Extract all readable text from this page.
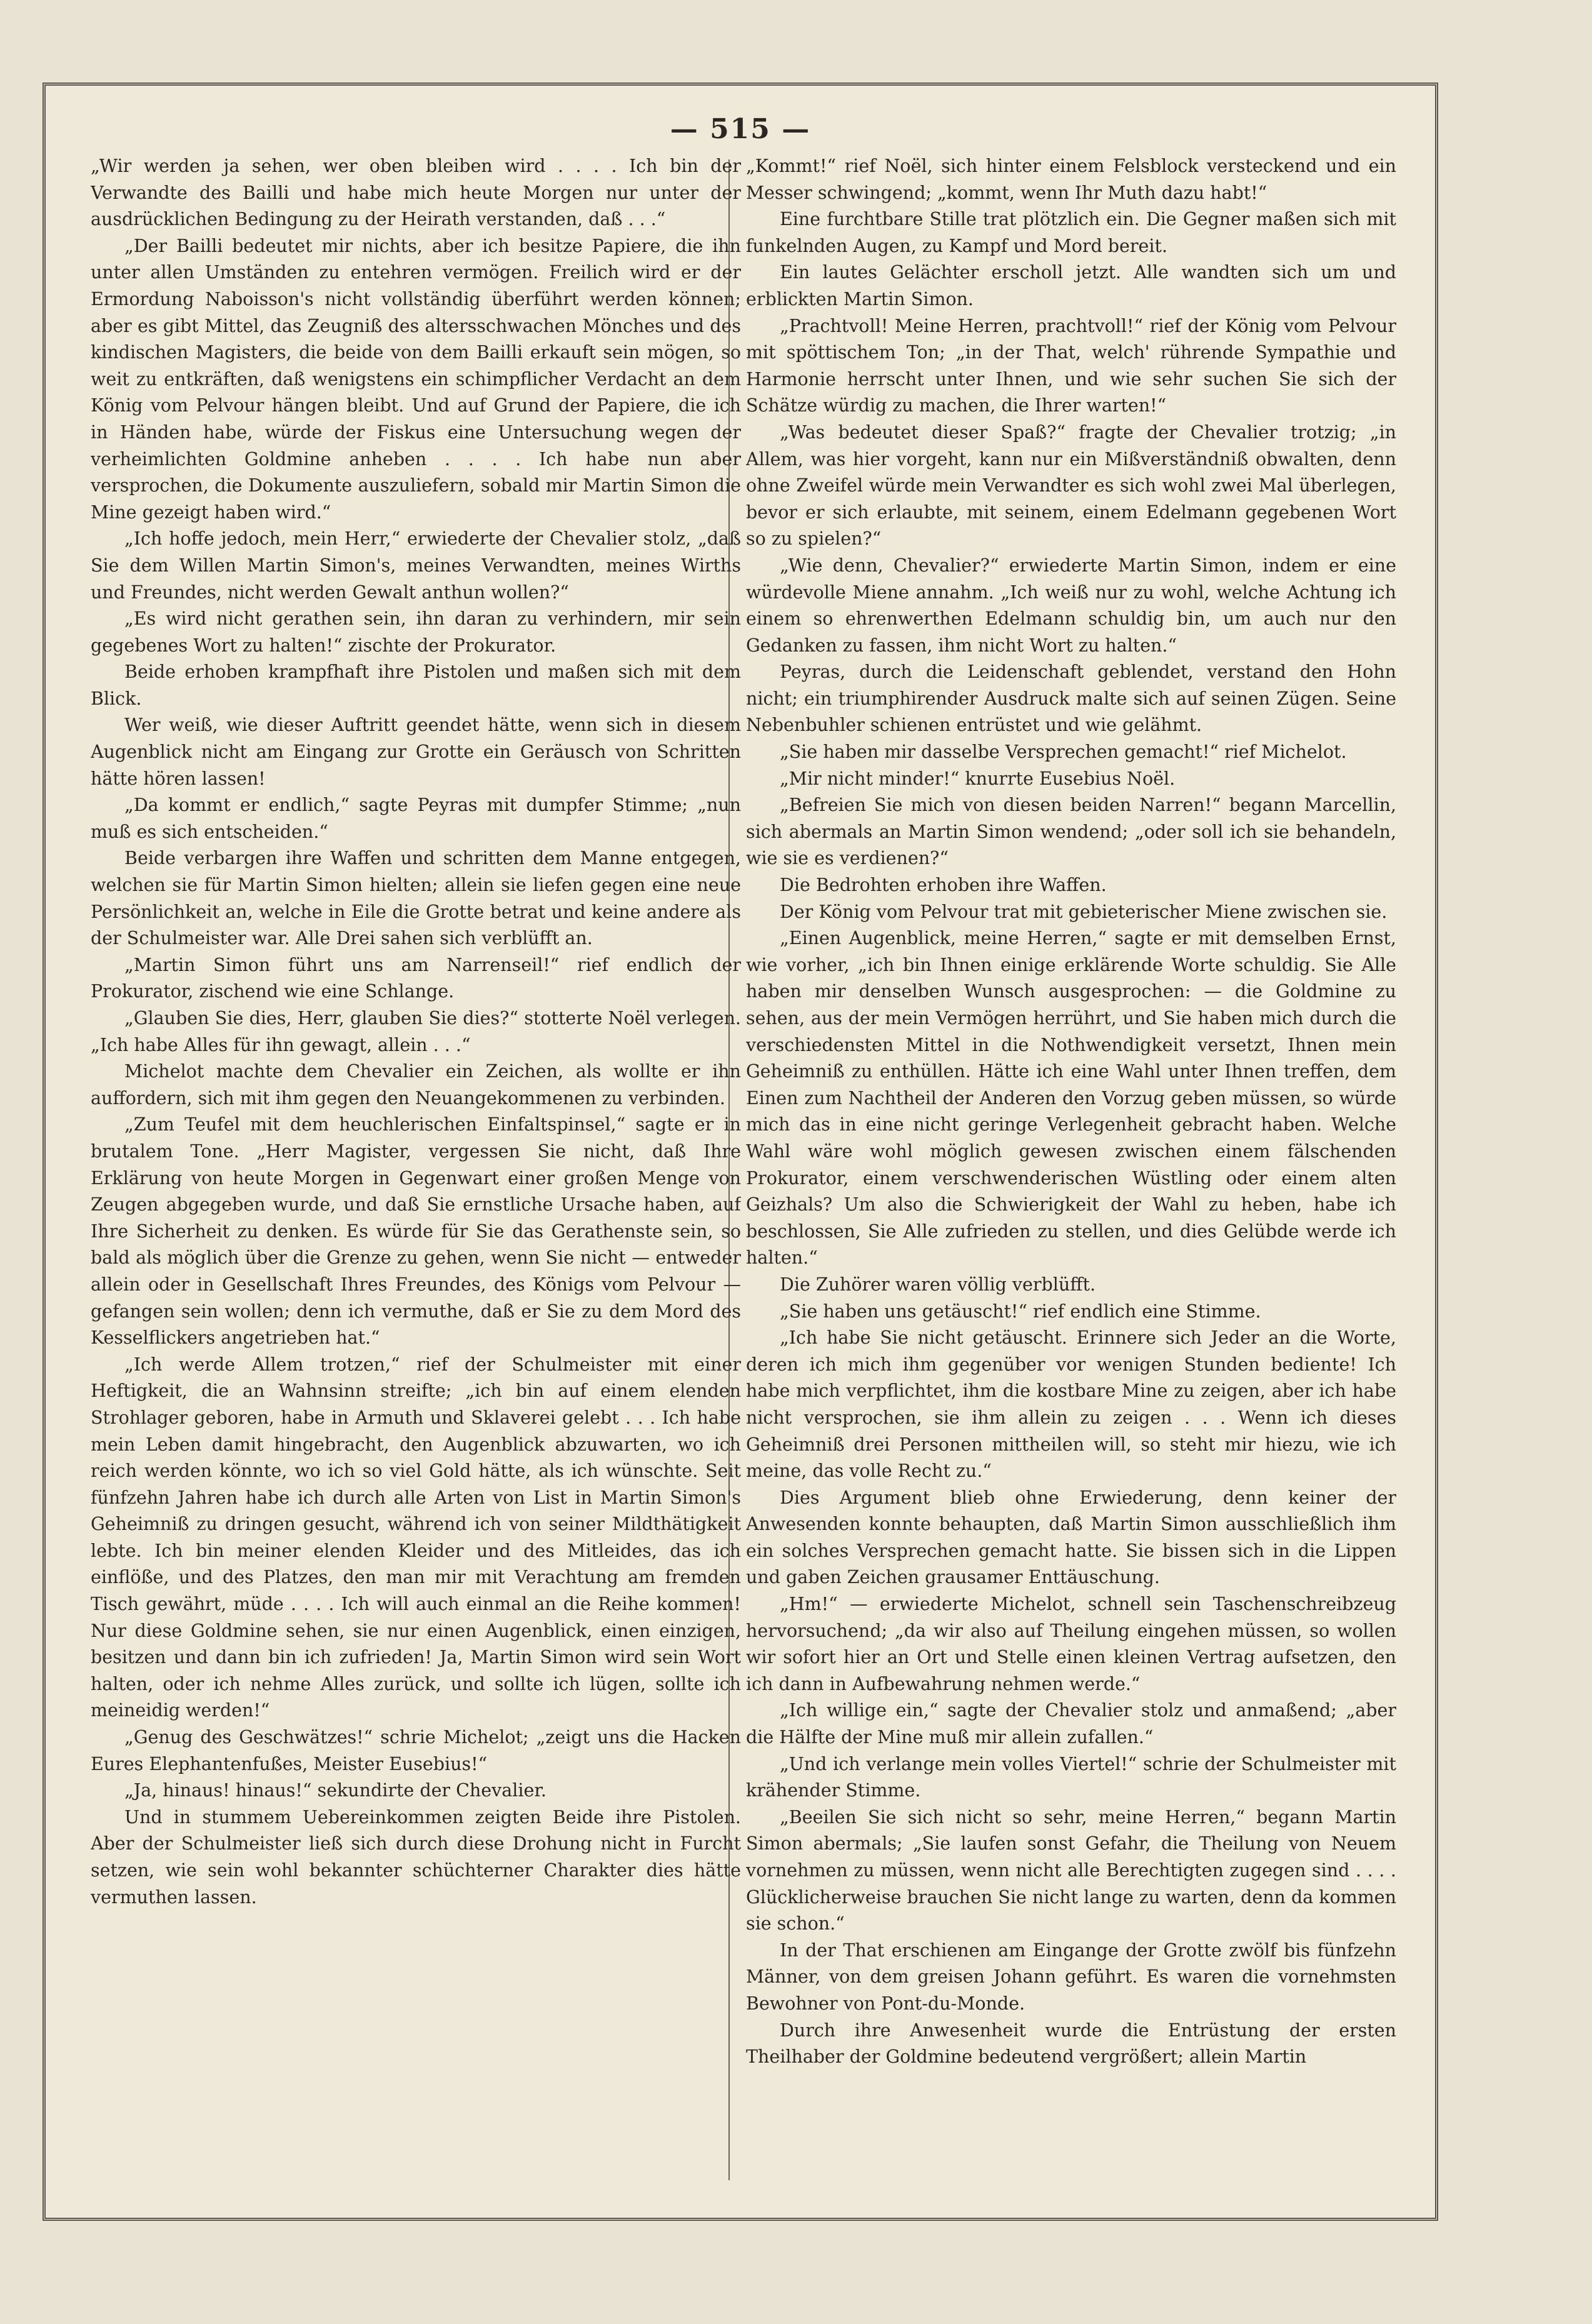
— 515 —

„Wir werden ja sehen, wer oben bleiben wird . . . . Ich bin der Verwandte des Bailli und habe mich heute Morgen nur unter der ausdrücklichen Bedingung zu der Heirath verstanden, daß . . .“

„Der Bailli bedeutet mir nichts, aber ich besitze Papiere, die ihn unter allen Umständen zu entehren vermögen. Freilich wird er der Ermordung Naboisson's nicht vollständig überführt werden können; aber es gibt Mittel, das Zeugniß des altersschwachen Mönches und des kindischen Magisters, die beide von dem Bailli erkauft sein mögen, so weit zu entkräften, daß wenigstens ein schimpflicher Verdacht an dem König vom Pelvour hängen bleibt. Und auf Grund der Papiere, die ich in Händen habe, würde der Fiskus eine Untersuchung wegen der verheimlichten Goldmine anheben . . . . Ich habe nun aber versprochen, die Dokumente auszuliefern, sobald mir Martin Simon die Mine gezeigt haben wird.“

„Ich hoffe jedoch, mein Herr,“ erwiederte der Chevalier stolz, „daß Sie dem Willen Martin Simon's, meines Verwandten, meines Wirths und Freundes, nicht werden Gewalt anthun wollen?“

„Es wird nicht gerathen sein, ihn daran zu verhindern, mir sein gegebenes Wort zu halten!“ zischte der Prokurator.

Beide erhoben krampfhaft ihre Pistolen und maßen sich mit dem Blick.

Wer weiß, wie dieser Auftritt geendet hätte, wenn sich in diesem Augenblick nicht am Eingang zur Grotte ein Geräusch von Schritten hätte hören lassen!

„Da kommt er endlich,“ sagte Peyras mit dumpfer Stimme; „nun muß es sich entscheiden.“

Beide verbargen ihre Waffen und schritten dem Manne entgegen, welchen sie für Martin Simon hielten; allein sie liefen gegen eine neue Persönlichkeit an, welche in Eile die Grotte betrat und keine andere als der Schulmeister war. Alle Drei sahen sich verblüfft an.

„Martin Simon führt uns am Narrenseil!“ rief endlich der Prokurator, zischend wie eine Schlange.

„Glauben Sie dies, Herr, glauben Sie dies?“ stotterte Noël verlegen. „Ich habe Alles für ihn gewagt, allein . . .“

Michelot machte dem Chevalier ein Zeichen, als wollte er ihn auffordern, sich mit ihm gegen den Neuangekommenen zu verbinden.

„Zum Teufel mit dem heuchlerischen Einfaltspinsel,“ sagte er in brutalem Tone. „Herr Magister, vergessen Sie nicht, daß Ihre Erklärung von heute Morgen in Gegenwart einer großen Menge von Zeugen abgegeben wurde, und daß Sie ernstliche Ursache haben, auf Ihre Sicherheit zu denken. Es würde für Sie das Gerathenste sein, so bald als möglich über die Grenze zu gehen, wenn Sie nicht — entweder allein oder in Gesellschaft Ihres Freundes, des Königs vom Pelvour — gefangen sein wollen; denn ich vermuthe, daß er Sie zu dem Mord des Kesselflickers angetrieben hat.“

„Ich werde Allem trotzen,“ rief der Schulmeister mit einer Heftigkeit, die an Wahnsinn streifte; „ich bin auf einem elenden Strohlager geboren, habe in Armuth und Sklaverei gelebt . . . Ich habe mein Leben damit hingebracht, den Augenblick abzuwarten, wo ich reich werden könnte, wo ich so viel Gold hätte, als ich wünschte. Seit fünfzehn Jahren habe ich durch alle Arten von List in Martin Simon's Geheimniß zu dringen gesucht, während ich von seiner Mildthätigkeit lebte. Ich bin meiner elenden Kleider und des Mitleides, das ich einflöße, und des Platzes, den man mir mit Verachtung am fremden Tisch gewährt, müde . . . . Ich will auch einmal an die Reihe kommen! Nur diese Goldmine sehen, sie nur einen Augenblick, einen einzigen, besitzen und dann bin ich zufrieden! Ja, Martin Simon wird sein Wort halten, oder ich nehme Alles zurück, und sollte ich lügen, sollte ich meineidig werden!“

„Genug des Geschwätzes!“ schrie Michelot; „zeigt uns die Hacken Eures Elephantenfußes, Meister Eusebius!“

„Ja, hinaus! hinaus!“ sekundirte der Chevalier.

Und in stummem Uebereinkommen zeigten Beide ihre Pistolen. Aber der Schulmeister ließ sich durch diese Drohung nicht in Furcht setzen, wie sein wohl bekannter schüchterner Charakter dies hätte vermuthen lassen.

„Kommt!“ rief Noël, sich hinter einem Felsblock versteckend und ein Messer schwingend; „kommt, wenn Ihr Muth dazu habt!“

Eine furchtbare Stille trat plötzlich ein. Die Gegner maßen sich mit funkelnden Augen, zu Kampf und Mord bereit.

Ein lautes Gelächter erscholl jetzt. Alle wandten sich um und erblickten Martin Simon.

„Prachtvoll! Meine Herren, prachtvoll!“ rief der König vom Pelvour mit spöttischem Ton; „in der That, welch' rührende Sympathie und Harmonie herrscht unter Ihnen, und wie sehr suchen Sie sich der Schätze würdig zu machen, die Ihrer warten!“

„Was bedeutet dieser Spaß?“ fragte der Chevalier trotzig; „in Allem, was hier vorgeht, kann nur ein Mißverständniß obwalten, denn ohne Zweifel würde mein Verwandter es sich wohl zwei Mal überlegen, bevor er sich erlaubte, mit seinem, einem Edelmann gegebenen Wort so zu spielen?“

„Wie denn, Chevalier?“ erwiederte Martin Simon, indem er eine würdevolle Miene annahm. „Ich weiß nur zu wohl, welche Achtung ich einem so ehrenwerthen Edelmann schuldig bin, um auch nur den Gedanken zu fassen, ihm nicht Wort zu halten.“

Peyras, durch die Leidenschaft geblendet, verstand den Hohn nicht; ein triumphirender Ausdruck malte sich auf seinen Zügen. Seine Nebenbuhler schienen entrüstet und wie gelähmt.

„Sie haben mir dasselbe Versprechen gemacht!“ rief Michelot.

„Mir nicht minder!“ knurrte Eusebius Noël.

„Befreien Sie mich von diesen beiden Narren!“ begann Marcellin, sich abermals an Martin Simon wendend; „oder soll ich sie behandeln, wie sie es verdienen?“

Die Bedrohten erhoben ihre Waffen.

Der König vom Pelvour trat mit gebieterischer Miene zwischen sie.

„Einen Augenblick, meine Herren,“ sagte er mit demselben Ernst, wie vorher, „ich bin Ihnen einige erklärende Worte schuldig. Sie Alle haben mir denselben Wunsch ausgesprochen: — die Goldmine zu sehen, aus der mein Vermögen herrührt, und Sie haben mich durch die verschiedensten Mittel in die Nothwendigkeit versetzt, Ihnen mein Geheimniß zu enthüllen. Hätte ich eine Wahl unter Ihnen treffen, dem Einen zum Nachtheil der Anderen den Vorzug geben müssen, so würde mich das in eine nicht geringe Verlegenheit gebracht haben. Welche Wahl wäre wohl möglich gewesen zwischen einem fälschenden Prokurator, einem verschwenderischen Wüstling oder einem alten Geizhals? Um also die Schwierigkeit der Wahl zu heben, habe ich beschlossen, Sie Alle zufrieden zu stellen, und dies Gelübde werde ich halten.“

Die Zuhörer waren völlig verblüfft.

„Sie haben uns getäuscht!“ rief endlich eine Stimme.

„Ich habe Sie nicht getäuscht. Erinnere sich Jeder an die Worte, deren ich mich ihm gegenüber vor wenigen Stunden bediente! Ich habe mich verpflichtet, ihm die kostbare Mine zu zeigen, aber ich habe nicht versprochen, sie ihm allein zu zeigen . . . Wenn ich dieses Geheimniß drei Personen mittheilen will, so steht mir hiezu, wie ich meine, das volle Recht zu.“

Dies Argument blieb ohne Erwiederung, denn keiner der Anwesenden konnte behaupten, daß Martin Simon ausschließlich ihm ein solches Versprechen gemacht hatte. Sie bissen sich in die Lippen und gaben Zeichen grausamer Enttäuschung.

„Hm!“ — erwiederte Michelot, schnell sein Taschenschreibzeug hervorsuchend; „da wir also auf Theilung eingehen müssen, so wollen wir sofort hier an Ort und Stelle einen kleinen Vertrag aufsetzen, den ich dann in Aufbewahrung nehmen werde.“

„Ich willige ein,“ sagte der Chevalier stolz und anmaßend; „aber die Hälfte der Mine muß mir allein zufallen.“

„Und ich verlange mein volles Viertel!“ schrie der Schulmeister mit krähender Stimme.

„Beeilen Sie sich nicht so sehr, meine Herren,“ begann Martin Simon abermals; „Sie laufen sonst Gefahr, die Theilung von Neuem vornehmen zu müssen, wenn nicht alle Berechtigten zugegen sind . . . . Glücklicherweise brauchen Sie nicht lange zu warten, denn da kommen sie schon.“

In der That erschienen am Eingange der Grotte zwölf bis fünfzehn Männer, von dem greisen Johann geführt. Es waren die vornehmsten Bewohner von Pont-du-Monde.

Durch ihre Anwesenheit wurde die Entrüstung der ersten Theilhaber der Goldmine bedeutend vergrößert; allein Martin
